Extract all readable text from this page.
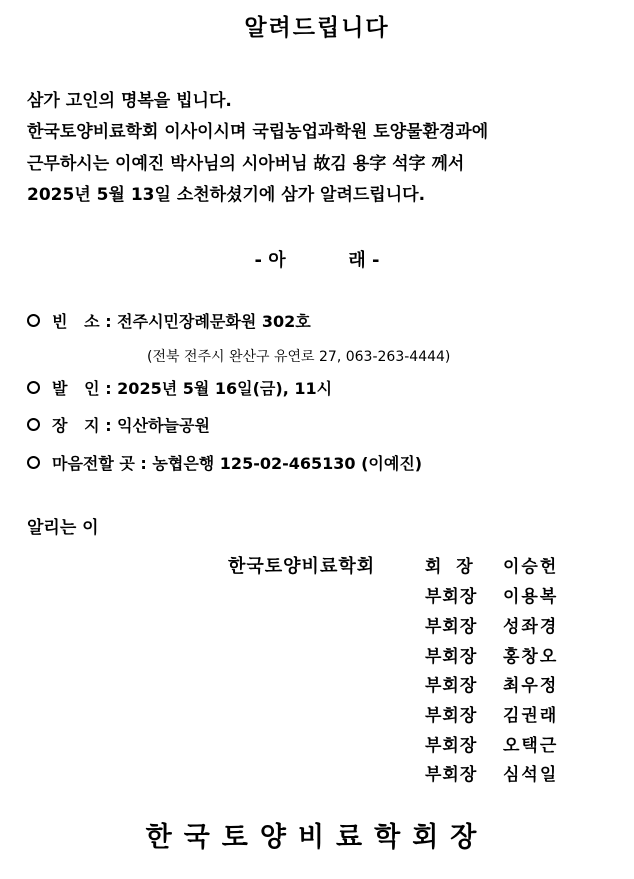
알려드립니다
삼가 고인의 명복을 빕니다.
한국토양비료학회 이사이시며 국립농업과학원 토양물환경과에
근무하시는 이예진 박사님의 시아버님 故김 용字 석字 께서
2025년 5월 13일 소천하셨기에 삼가 알려드립니다.
- 아          래 -
빈   소 : 전주시민장례문화원 302호
(전북 전주시 완산구 유연로 27, 063-263-4444)
발   인 : 2025년 5월 16일(금), 11시
장   지 : 익산하늘공원
마음전할 곳 : 농협은행 125-02-465130 (이예진)
알리는 이
한국토양비료학회	회  장 이승헌
부회장 이용복
부회장 성좌경
부회장 홍창오
부회장 최우정
부회장 김권래
부회장 오택근
부회장 심석일
한국토양비료학회장
